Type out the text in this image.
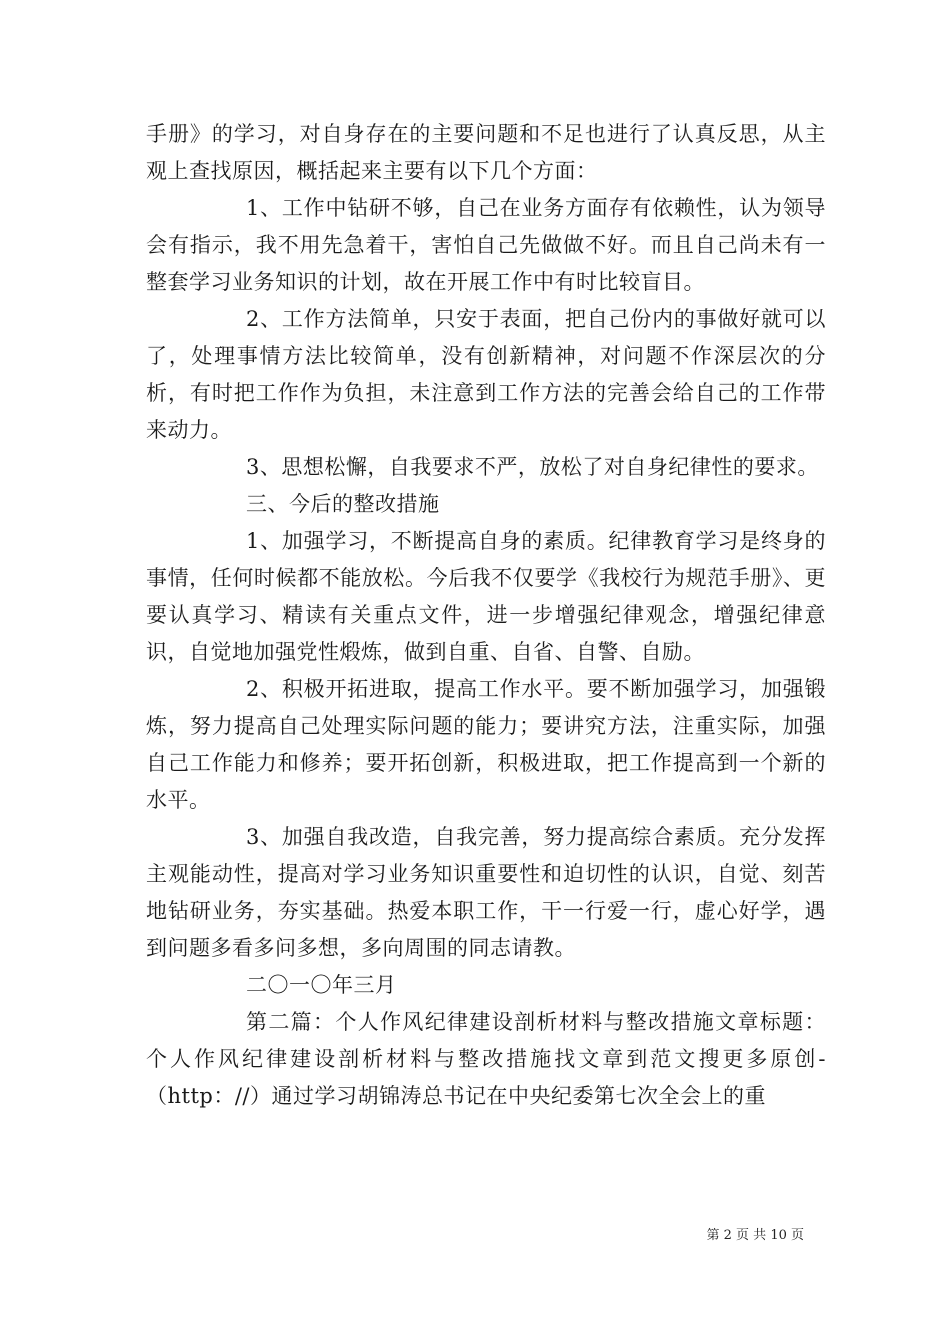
手册》的学习，对自身存在的主要问题和不足也进行了认真反思，从主观上查找原因，概括起来主要有以下几个方面：

1、工作中钻研不够，自己在业务方面存有依赖性，认为领导会有指示，我不用先急着干，害怕自己先做做不好。而且自己尚未有一整套学习业务知识的计划，故在开展工作中有时比较盲目。

2、工作方法简单，只安于表面，把自己份内的事做好就可以了，处理事情方法比较简单，没有创新精神，对问题不作深层次的分析，有时把工作作为负担，未注意到工作方法的完善会给自己的工作带来动力。

3、思想松懈，自我要求不严，放松了对自身纪律性的要求。

三、今后的整改措施

1、加强学习，不断提高自身的素质。纪律教育学习是终身的事情，任何时候都不能放松。今后我不仅要学《我校行为规范手册》、更要认真学习、精读有关重点文件，进一步增强纪律观念，增强纪律意识，自觉地加强党性煅炼，做到自重、自省、自警、自励。

2、积极开拓进取，提高工作水平。要不断加强学习，加强锻炼，努力提高自己处理实际问题的能力；要讲究方法，注重实际，加强自己工作能力和修养；要开拓创新，积极进取，把工作提高到一个新的水平。

3、加强自我改造，自我完善，努力提高综合素质。充分发挥主观能动性，提高对学习业务知识重要性和迫切性的认识，自觉、刻苦地钻研业务，夯实基础。热爱本职工作，干一行爱一行，虚心好学，遇到问题多看多问多想，多向周围的同志请教。

二〇一〇年三月

第二篇：个人作风纪律建设剖析材料与整改措施文章标题：个人作风纪律建设剖析材料与整改措施找文章到范文搜更多原创-（http：//）通过学习胡锦涛总书记在中央纪委第七次全会上的重

第 2 页 共 10 页
